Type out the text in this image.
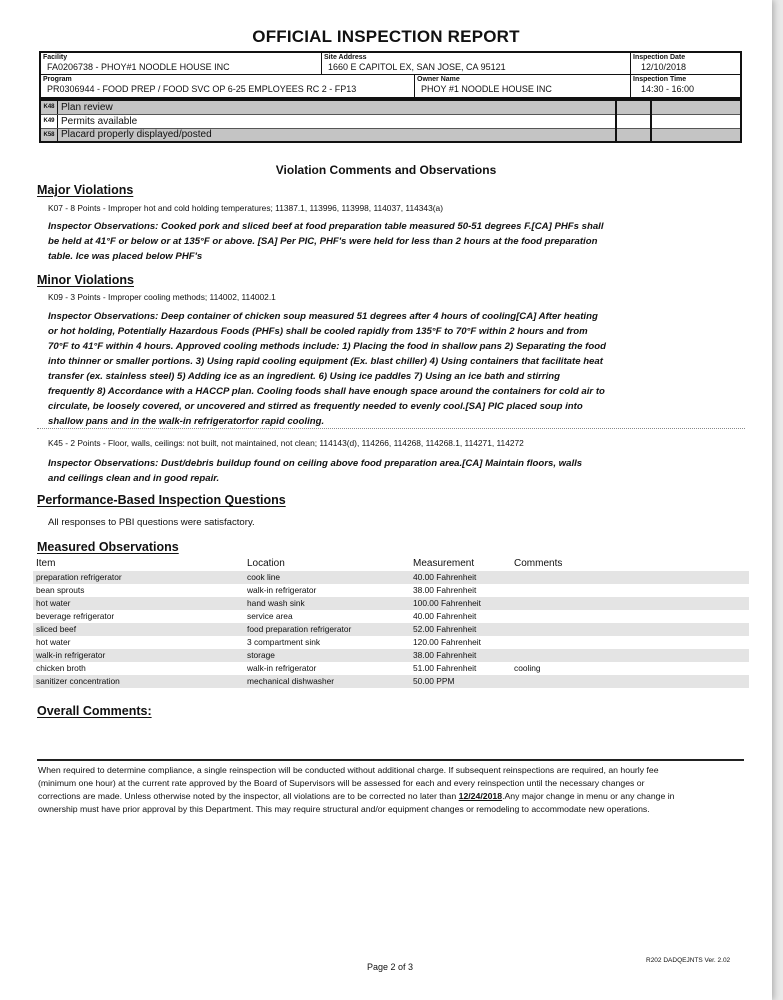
OFFICIAL INSPECTION REPORT
Facility
FA0206738 - PHOY#1 NOODLE HOUSE INC
Site Address
1660 E CAPITOL EX, SAN JOSE, CA 95121
Inspection Date
12/10/2018
Program
PR0306944 - FOOD PREP / FOOD SVC OP 6-25 EMPLOYEES RC 2 - FP13
Owner Name
PHOY #1 NOODLE HOUSE INC
Inspection Time
14:30 - 16:00
K48 Plan review
K49 Permits available
K58 Placard properly displayed/posted
Violation Comments and Observations
Major Violations
K07 - 8 Points - Improper hot and cold holding temperatures; 11387.1, 113996, 113998, 114037, 114343(a)
Inspector Observations: Cooked pork and sliced beef at food preparation table measured 50-51 degrees F.[CA] PHFs shall be held at 41°F or below or at 135°F or above. [SA] Per PIC, PHF's were held for less than 2 hours at the food preparation table. Ice was placed below PHF's
Minor Violations
K09 - 3 Points - Improper cooling methods; 114002, 114002.1
Inspector Observations: Deep container of chicken soup measured 51 degrees after 4 hours of cooling[CA] After heating or hot holding, Potentially Hazardous Foods (PHFs) shall be cooled rapidly from 135°F to 70°F within 2 hours and from 70°F to 41°F within 4 hours. Approved cooling methods include: 1) Placing the food in shallow pans 2) Separating the food into thinner or smaller portions. 3) Using rapid cooling equipment (Ex. blast chiller) 4) Using containers that facilitate heat transfer (ex. stainless steel) 5) Adding ice as an ingredient. 6) Using ice paddles 7) Using an ice bath and stirring frequently 8) Accordance with a HACCP plan. Cooling foods shall have enough space around the containers for cold air to circulate, be loosely covered, or uncovered and stirred as frequently needed to evenly cool.[SA] PIC placed soup into shallow pans and in the walk-in refrigeratorfor rapid cooling.
K45 - 2 Points - Floor, walls, ceilings: not built, not maintained, not clean; 114143(d), 114266, 114268, 114268.1, 114271, 114272
Inspector Observations: Dust/debris buildup found on ceiling above food preparation area.[CA] Maintain floors, walls and ceilings clean and in good repair.
Performance-Based Inspection Questions
All responses to PBI questions were satisfactory.
Measured Observations
Item	Location	Measurement	Comments
preparation refrigerator	cook line	40.00 Fahrenheit
bean sprouts	walk-in refrigerator	38.00 Fahrenheit
hot water	hand wash sink	100.00 Fahrenheit
beverage refrigerator	service area	40.00 Fahrenheit
sliced beef	food preparation refrigerator	52.00 Fahrenheit
hot water	3 compartment sink	120.00 Fahrenheit
walk-in refrigerator	storage	38.00 Fahrenheit
chicken broth	walk-in refrigerator	51.00 Fahrenheit	cooling
sanitizer concentration	mechanical dishwasher	50.00 PPM
Overall Comments:
When required to determine compliance, a single reinspection will be conducted without additional charge. If subsequent reinspections are required, an hourly fee (minimum one hour) at the current rate approved by the Board of Supervisors will be assessed for each and every reinspection until the necessary changes or corrections are made. Unless otherwise noted by the inspector, all violations are to be corrected no later than 12/24/2018.Any major change in menu or any change in ownership must have prior approval by this Department. This may require structural and/or equipment changes or remodeling to accommodate new operations.
Page 2 of 3
R202 DADQEJNTS Ver. 2.02
